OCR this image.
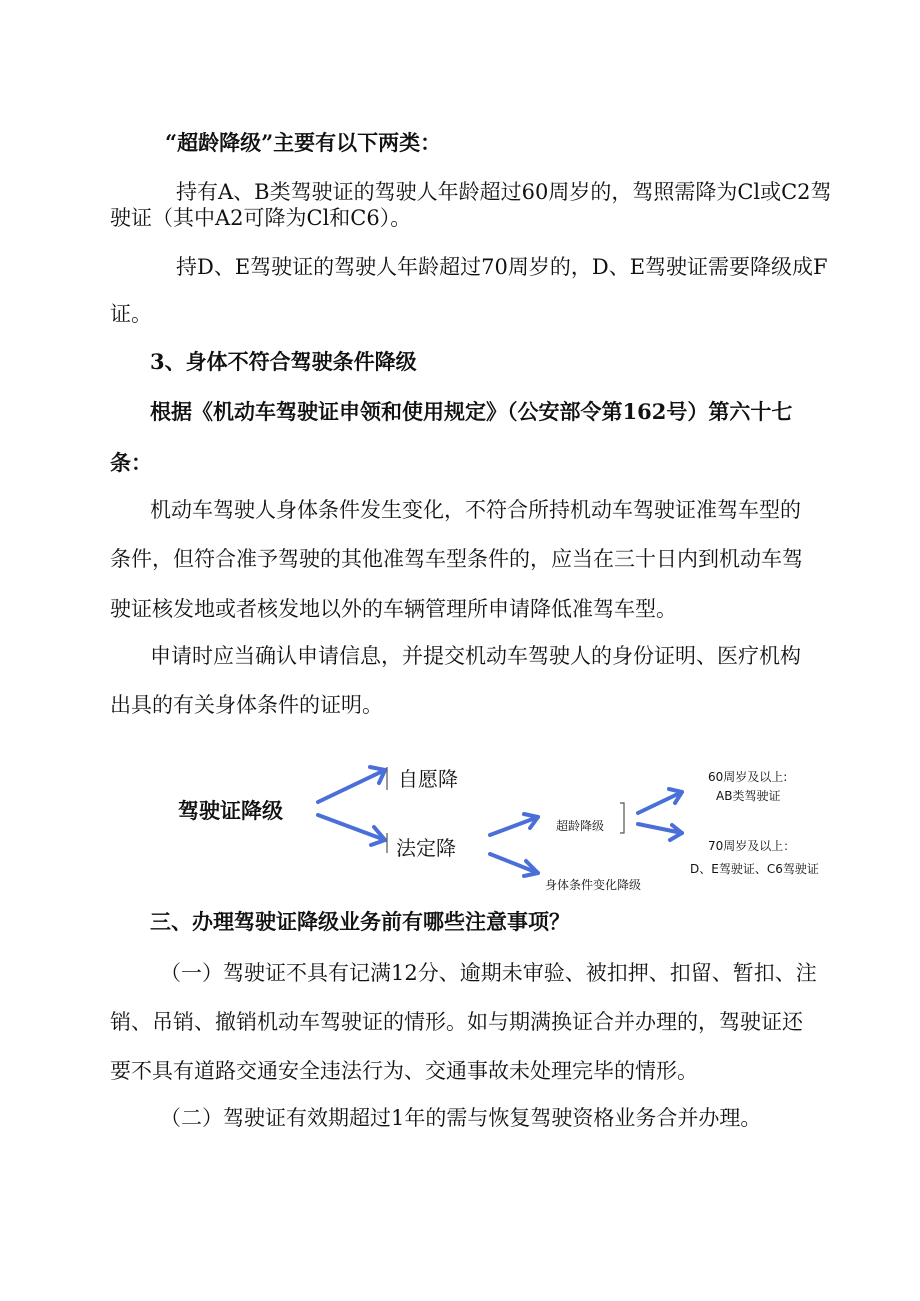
“超龄降级”主要有以下两类：
持有A、B类驾驶证的驾驶人年龄超过60周岁的，驾照需降为Cl或C2驾
驶证（其中A2可降为Cl和C6）。
持D、E驾驶证的驾驶人年龄超过70周岁的，D、E驾驶证需要降级成F
证。
3、身体不符合驾驶条件降级
根据《机动车驾驶证申领和使用规定》（公安部令第162号）第六十七
条：
机动车驾驶人身体条件发生变化，不符合所持机动车驾驶证准驾车型的
条件，但符合准予驾驶的其他准驾车型条件的，应当在三十日内到机动车驾
驶证核发地或者核发地以外的车辆管理所申请降低准驾车型。
申请时应当确认申请信息，并提交机动车驾驶人的身份证明、医疗机构
出具的有关身体条件的证明。
驾驶证降级
自愿降
法定降
超龄降级
身体条件变化降级
60周岁及以上:
AB类驾驶证
70周岁及以上：
D、E驾驶证、C6驾驶证
三、办理驾驶证降级业务前有哪些注意事项？
（一）驾驶证不具有记满12分、逾期未审验、被扣押、扣留、暂扣、注
销、吊销、撤销机动车驾驶证的情形。如与期满换证合并办理的，驾驶证还
要不具有道路交通安全违法行为、交通事故未处理完毕的情形。
（二）驾驶证有效期超过1年的需与恢复驾驶资格业务合并办理。
